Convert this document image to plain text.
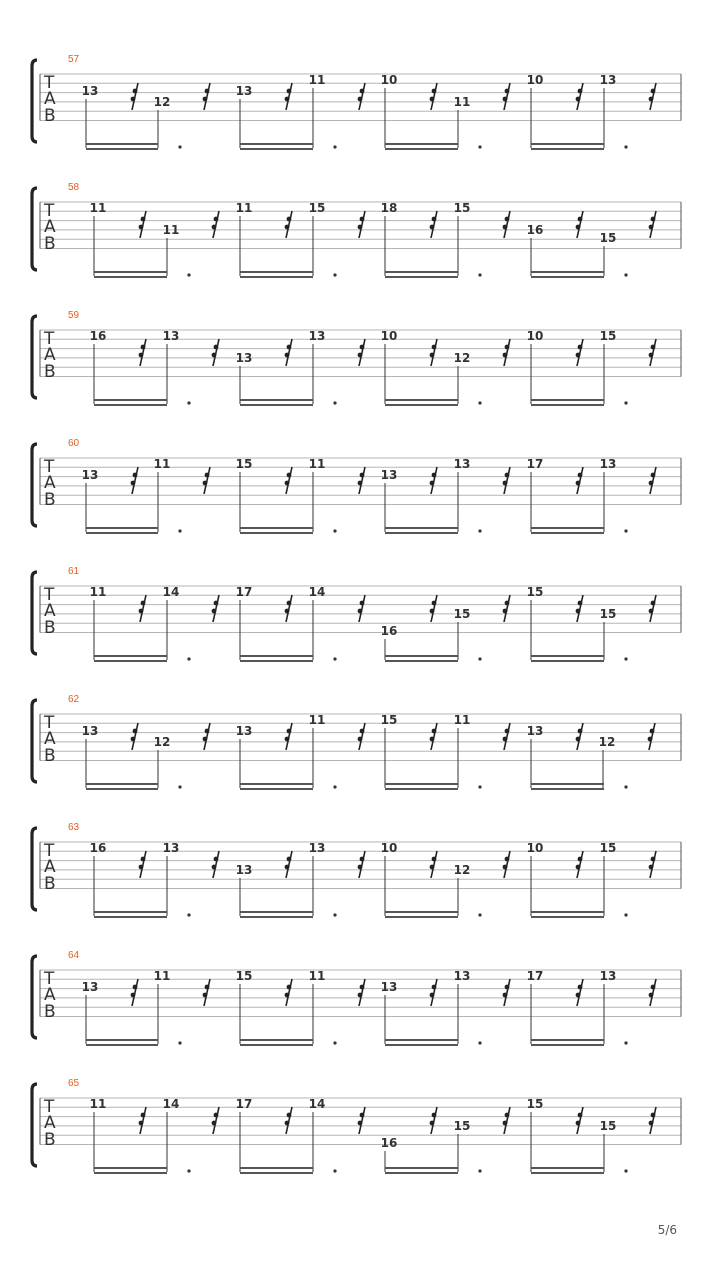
57
T
A
B
13
12
13
11	10
11
10	13
58
T
A
B
11
11
11	15	18	15
16
15
59
T
A
B
16	13
13
13	10
12
10	15
60
T
A
B
13
11	15	11
13
13	17	13
61
T
A
B
11	14	17	14
16
15
15
15
62
T
A
B
13
12
13
11	15	11
13
12
63
T
A
B
16	13
13
13	10
12
10	15
64
T
A
B
13
11	15	11
13
13	17	13
65
T
A
B
11	14	17	14
16
15
15
15
5/6
